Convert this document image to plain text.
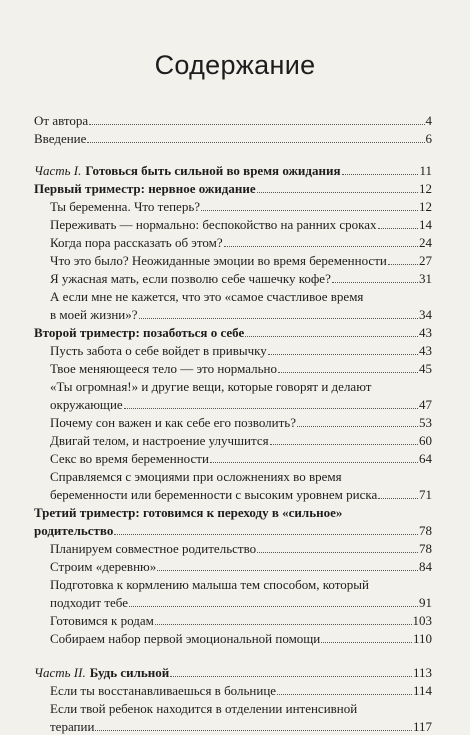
Содержание
От автора	4
Введение	6
Часть I. Готовься быть сильной во время ожидания	11
Первый триместр: нервное ожидание	12
Ты беременна. Что теперь?	12
Переживать — нормально: беспокойство на ранних сроках	14
Когда пора рассказать об этом?	24
Что это было? Неожиданные эмоции во время беременности 27
Я ужасная мать, если позволю себе чашечку кофе?	31
А если мне не кажется, что это «самое счастливое время
в моей жизни»?	34
Второй триместр: позаботься о себе	43
Пусть забота о себе войдет в привычку	43
Твое меняющееся тело — это нормально	45
«Ты огромная!» и другие вещи, которые говорят и делают
окружающие	47
Почему сон важен и как себе его позволить?	53
Двигай телом, и настроение улучшится	60
Секс во время беременности	64
Справляемся с эмоциями при осложнениях во время
беременности или беременности с высоким уровнем риска	71
Третий триместр: готовимся к переходу в «сильное»
родительство	78
Планируем совместное родительство	78
Строим «деревню»	84
Подготовка к кормлению малыша тем способом, который
подходит тебе	91
Готовимся к родам	103
Собираем набор первой эмоциональной помощи	110
Часть II. Будь сильной	113
Если ты восстанавливаешься в больнице	114
Если твой ребенок находится в отделении интенсивной
терапии	117
